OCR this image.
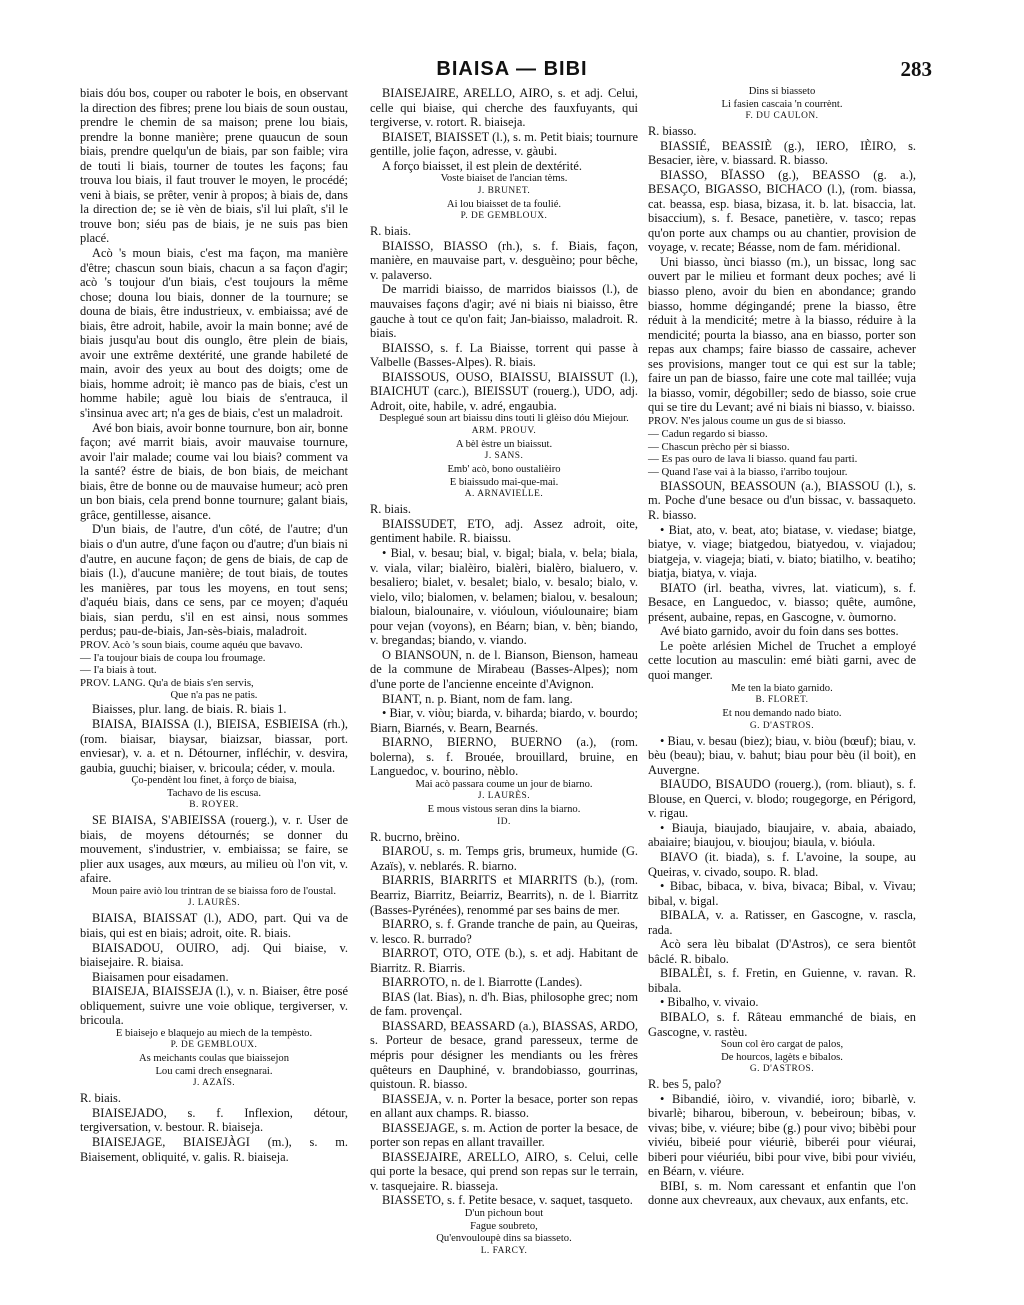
BIAISA — BIBI	283

biais dóu bos, couper ou raboter le bois, en observant la direction des fibres; prene lou biais de soun oustau, prendre le chemin de sa maison; prene lou biais, prendre la bonne manière; prene quaucun de soun biais, prendre quelqu'un de biais, par son faible; vira de touti li biais, tourner de toutes les façons; fau trouva lou biais, il faut trouver le moyen, le procédé; veni à biais, se prêter, venir à propos; à biais de, dans la direction de; se iè vèn de biais, s'il lui plaît, s'il le trouve bon; siéu pas de biais, je ne suis pas bien placé.

Acò 's moun biais, c'est ma façon, ma manière d'être; chascun soun biais, chacun a sa façon d'agir; acò 's toujour d'un biais, c'est toujours la même chose; douna lou biais, donner de la tournure; se douna de biais, être industrieux, v. embiaissa; avé de biais, être adroit, habile, avoir la main bonne; avé de biais jusqu'au bout dis ounglo, être plein de biais, avoir une extrême dextérité, une grande habileté de main, avoir des yeux au bout des doigts; ome de biais, homme adroit; iè manco pas de biais, c'est un homme habile; aguè lou biais de s'entrauca, il s'insinua avec art; n'a ges de biais, c'est un maladroit.

Avé bon biais, avoir bonne tournure, bon air, bonne façon; avé marrit biais, avoir mauvaise tournure, avoir l'air malade; coume vai lou biais? comment va la santé? éstre de biais, de bon biais, de meichant biais, être de bonne ou de mauvaise humeur; acò pren un bon biais, cela prend bonne tournure; galant biais, grâce, gentillesse, aisance.

D'un biais, de l'autre, d'un côté, de l'autre; d'un biais o d'un autre, d'une façon ou d'autre; d'un biais ni d'autre, en aucune façon; de gens de biais, de cap de biais (l.), d'aucune manière; de tout biais, de toutes les manières, par tous les moyens, en tout sens; d'aquéu biais, dans ce sens, par ce moyen; d'aquéu biais, sian perdu, s'il en est ainsi, nous sommes perdus; pau-de-biais, Jan-sès-biais, maladroit.

PROV. Acò 's soun biais, coume aquéu que bavavo.

— I'a toujour biais de coupa lou froumage.

— I'a biais à tout.

PROV. LANG. Qu'a de biais s'en servis,

Que n'a pas ne patis.

Biaisses, plur. lang. de biais. R. biais 1.

BIAISA, BIAISSA (l.), BIEISA, ESBIEISA (rh.), (rom. biaisar, biaysar, biaizsar, biassar, port. enviesar), v. a. et n. Détourner, infléchir, v. desvira, gaubia, guuchi; biaiser, v. bricoula; céder, v. moula.

Ço-pendènt lou finet, à forço de biaisa,

Tachavo de lis escusa.

B. ROYER.

SE BIAISA, S'ABIEISSA (rouerg.), v. r. User de biais, de moyens détournés; se donner du mouvement, s'industrier, v. embiaissa; se faire, se plier aux usages, aux mœurs, au milieu où l'on vit, v. afaire.

Moun paire aviò lou trintran de se biaissa foro de l'oustal.

J. LAURÈS.

BIAISA, BIAISSAT (l.), ADO, part. Qui va de biais, qui est en biais; adroit, oite. R. biais.

BIAISADOU, OUIRO, adj. Qui biaise, v. biaisejaire. R. biaisa.

Biaisamen pour eisadamen.

BIAISEJA, BIAISSEJA (l.), v. n. Biaiser, être posé obliquement, suivre une voie oblique, tergiverser, v. bricoula.

E biaisejo e blaquejo au miech de la tempèsto.

P. DE GEMBLOUX.

As meichants coulas que biaissejon

Lou cami drech ensegnarai.

J. AZAÏS.

R. biais.

BIAISEJADO, s. f. Inflexion, détour, tergiversation, v. bestour. R. biaiseja.

BIAISEJAGE, BIAISEJÀGI (m.), s. m. Biaisement, obliquité, v. galis. R. biaiseja.

BIAISEJAIRE, ARELLO, AIRO, s. et adj. Celui, celle qui biaise, qui cherche des fauxfuyants, qui tergiverse, v. rotort. R. biaiseja.

BIAISET, BIAISSET (l.), s. m. Petit biais; tournure gentille, jolie façon, adresse, v. gàubi.

A forço biaisset, il est plein de dextérité.

Voste biaiset de l'ancian tèms.

J. BRUNET.

Ai lou biaisset de ta foulié.

P. DE GEMBLOUX.

R. biais.

BIAISSO, BIASSO (rh.), s. f. Biais, façon, manière, en mauvaise part, v. desguèino; pour bêche, v. palaverso.

De marridi biaisso, de marridos biaissos (l.), de mauvaises façons d'agir; avé ni biais ni biaisso, être gauche à tout ce qu'on fait; Jan-biaisso, maladroit. R. biais.

BIAISSO, s. f. La Biaisse, torrent qui passe à Valbelle (Basses-Alpes). R. biais.

BIAISSOUS, OUSO, BIAISSU, BIAISSUT (l.), BIAICHUT (carc.), BIEISSUT (rouerg.), UDO, adj. Adroit, oite, habile, v. adré, engaubia.

Desplegué soun art biaissu dins touti li glèiso dóu Miejour.

ARM. PROUV.

A bèl èstre un biaissut.

J. SANS.

Emb' acò, bono oustalièiro

E biaissudo mai-que-mai.

A. ARNAVIELLE.

R. biais.

BIAISSUDET, ETO, adj. Assez adroit, oite, gentiment habile. R. biaissu.

• Bial, v. besau; bial, v. bigal; biala, v. bela; biala, v. viala, vilar; bialèiro, bialèri, bialèro, bialuero, v. besaliero; bialet, v. besalet; bialo, v. besalo; bialo, v. vielo, vilo; bialomen, v. belamen; bialou, v. besaloun; bialoun, bialounaire, v. vióuloun, vióulounaire; biam pour vejan (voyons), en Béarn; bian, v. bèn; biando, v. bregandas; biando, v. viando.

O BIANSOUN, n. de l. Bianson, Bienson, hameau de la commune de Mirabeau (Basses-Alpes); nom d'une porte de l'ancienne enceinte d'Avignon.

BIANT, n. p. Biant, nom de fam. lang.

• Biar, v. viòu; biarda, v. biharda; biardo, v. bourdo; Biarn, Biarnés, v. Bearn, Bearnés.

BIARNO, BIERNO, BUERNO (a.), (rom. bolerna), s. f. Brouée, brouillard, bruine, en Languedoc, v. bourino, nèblo.

Mai acò passara coume un jour de biarno.

J. LAURÈS.

E mous vistous seran dins la biarno.

ID.

R. bucrno, brèino.

BIAROU, s. m. Temps gris, brumeux, humide (G. Azaïs), v. neblarés. R. biarno.

BIARRIS, BIARRITS et MIARRITS (b.), (rom. Bearriz, Biarritz, Beiarriz, Bearrits), n. de l. Biarritz (Basses-Pyrénées), renommé par ses bains de mer.

BIARRO, s. f. Grande tranche de pain, au Queiras, v. lesco. R. burrado?

BIARROT, OTO, OTE (b.), s. et adj. Habitant de Biarritz. R. Biarris.

BIARROTO, n. de l. Biarrotte (Landes).

BIAS (lat. Bias), n. d'h. Bias, philosophe grec; nom de fam. provençal.

BIASSARD, BEASSARD (a.), BIASSAS, ARDO, s. Porteur de besace, grand paresseux, terme de mépris pour désigner les mendiants ou les frères quêteurs en Dauphiné, v. brandobiasso, gourrinas, quistoun. R. biasso.

BIASSEJA, v. n. Porter la besace, porter son repas en allant aux champs. R. biasso.

BIASSEJAGE, s. m. Action de porter la besace, de porter son repas en allant travailler.

BIASSEJAIRE, ARELLO, AIRO, s. Celui, celle qui porte la besace, qui prend son repas sur le terrain, v. tasquejaire. R. biasseja.

BIASSETO, s. f. Petite besace, v. saquet, tasqueto.

D'un pichoun bout

Fague soubreto,

Qu'envouloupè dins sa biasseto.

L. FARCY.

Dins si biasseto

Li fasien cascaia 'n courrènt.

F. DU CAULON.

R. biasso.

BIASSIÉ, BEASSIÈ (g.), IERO, IÈIRO, s. Besacier, ière, v. biassard. R. biasso.

BIASSO, BÏASSO (g.), BEASSO (g. a.), BESAÇO, BIGASSO, BICHACO (l.), (rom. biassa, cat. beassa, esp. biasa, bizasa, it. b. lat. bisaccia, lat. bisaccium), s. f. Besace, panetière, v. tasco; repas qu'on porte aux champs ou au chantier, provision de voyage, v. recate; Béasse, nom de fam. méridional.

Uni biasso, ùnci biasso (m.), un bissac, long sac ouvert par le milieu et formant deux poches; avé li biasso pleno, avoir du bien en abondance; grando biasso, homme dégingandé; prene la biasso, être réduit à la mendicité; metre à la biasso, réduire à la mendicité; pourta la biasso, ana en biasso, porter son repas aux champs; faire biasso de cassaire, achever ses provisions, manger tout ce qui est sur la table; faire un pan de biasso, faire une cote mal taillée; vuja la biasso, vomir, dégobiller; sedo de biasso, soie crue qui se tire du Levant; avé ni biais ni biasso, v. biaisso.

PROV. N'es jalous coume un gus de si biasso.

— Cadun regardo si biasso.

— Chascun prècho pèr si biasso.

— Es pas ouro de lava li biasso. quand fau parti.

— Quand l'ase vai à la biasso, i'arribo toujour.

BIASSOUN, BEASSOUN (a.), BIASSOU (l.), s. m. Poche d'une besace ou d'un bissac, v. bassaqueto. R. biasso.

• Biat, ato, v. beat, ato; biatase, v. viedase; biatge, biatye, v. viage; biatgedou, biatyedou, v. viajadou; biatgeja, v. viageja; biati, v. biato; biatilho, v. beatiho; biatja, biatya, v. viaja.

BIATO (irl. beatha, vivres, lat. viaticum), s. f. Besace, en Languedoc, v. biasso; quête, aumône, présent, aubaine, repas, en Gascogne, v. òumorno.

Avé biato garnido, avoir du foin dans ses bottes.

Le poète arlésien Michel de Truchet a employé cette locution au masculin: emé biàti garni, avec de quoi manger.

Me ten la biato garnido.

B. FLORET.

Et nou demando nado biato.

G. D'ASTROS.

• Biau, v. besau (biez); biau, v. biòu (bœuf); biau, v. bèu (beau); biau, v. bahut; biau pour bèu (il boit), en Auvergne.

BIAUDO, BISAUDO (rouerg.), (rom. bliaut), s. f. Blouse, en Querci, v. blodo; rougegorge, en Périgord, v. rigau.

• Biauja, biaujado, biaujaire, v. abaia, abaiado, abaiaire; biaujou, v. bioujou; biaula, v. bióula.

BIAVO (it. biada), s. f. L'avoine, la soupe, au Queiras, v. civado, soupo. R. blad.

• Bibac, bibaca, v. biva, bivaca; Bibal, v. Vivau; bibal, v. bigal.

BIBALA, v. a. Ratisser, en Gascogne, v. rascla, rada.

Acò sera lèu bibalat (D'Astros), ce sera bientôt bâclé. R. bibalo.

BIBALÈI, s. f. Fretin, en Guienne, v. ravan. R. bibala.

• Bibalho, v. vivaio.

BIBALO, s. f. Râteau emmanché de biais, en Gascogne, v. rastèu.

Soun col èro cargat de palos,

De hourcos, lagèts e bibalos.

G. D'ASTROS.

R. bes 5, palo?

• Bibandié, iòiro, v. vivandié, ioro; bibarlè, v. bivarlè; biharou, biberoun, v. bebeiroun; bibas, v. vivas; bibe, v. viéure; bibe (g.) pour vivo; bibèbi pour viviéu, bibeié pour viéuriè, biberéi pour viéurai, biberi pour viéuriéu, bibi pour vive, bibi pour viviéu, en Béarn, v. viéure.

BIBI, s. m. Nom caressant et enfantin que l'on donne aux chevreaux, aux chevaux, aux enfants, etc.
